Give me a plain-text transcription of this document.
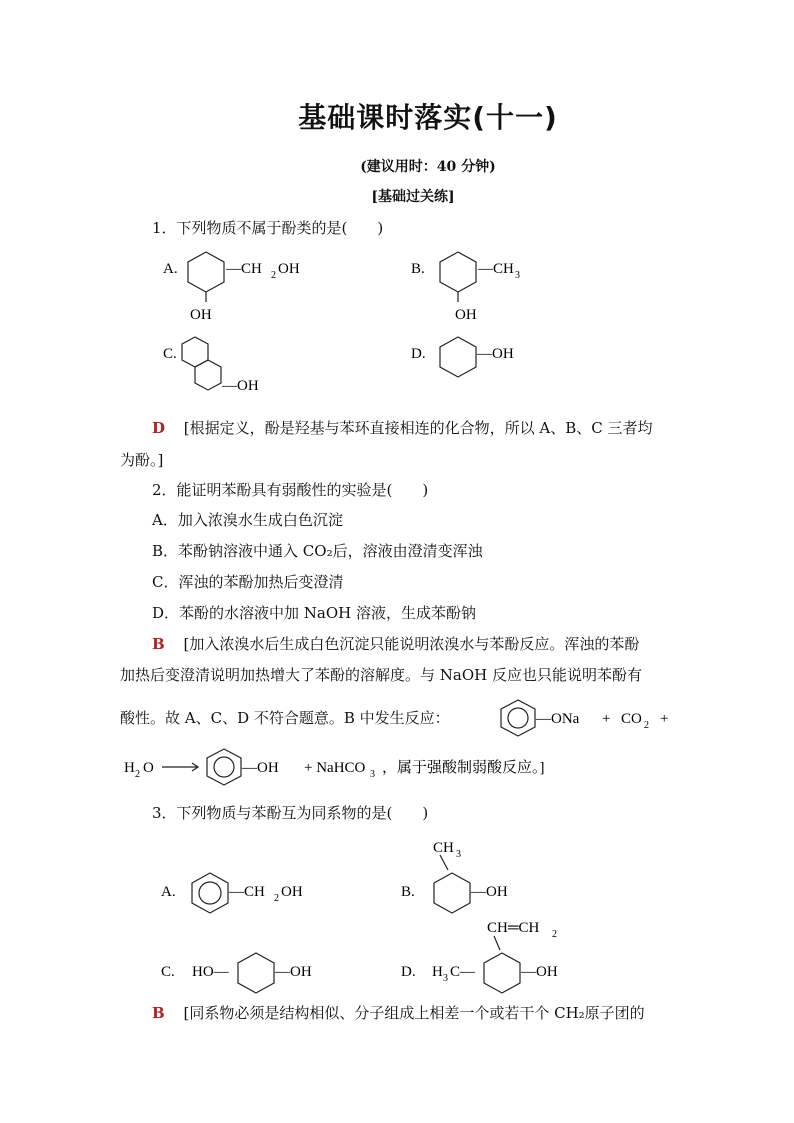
基础课时落实(十一)
(建议用时：40 分钟)
[基础过关练]
1．下列物质不属于酚类的是(　　)
A.	—CH 2 OH
OH
B.	—CH 3
OH
C.
—OH
D.	—OH
D [根据定义，酚是羟基与苯环直接相连的化合物，所以 A、B、C 三者均
为酚。]
2．能证明苯酚具有弱酸性的实验是(　　)
A．加入浓溴水生成白色沉淀
B．苯酚钠溶液中通入 CO₂后，溶液由澄清变浑浊
C．浑浊的苯酚加热后变澄清
D．苯酚的水溶液中加 NaOH 溶液，生成苯酚钠
B [加入浓溴水后生成白色沉淀只能说明浓溴水与苯酚反应。浑浊的苯酚
加热后变澄清说明加热增大了苯酚的溶解度。与 NaOH 反应也只能说明苯酚有
酸性。故 A、C、D 不符合题意。B 中发生反应：	—ONa + CO 2 +
H 2 O	—OH + NaHCO 3 ，属于强酸制弱酸反应。]
3．下列物质与苯酚互为同系物的是(　　)
A.	—CH 2 OH	B.
CH 3
—OH
C. HO—	—OH	D.
CH═CH 2
H 3 C—	—OH
B [同系物必须是结构相似、分子组成上相差一个或若干个 CH₂原子团的
